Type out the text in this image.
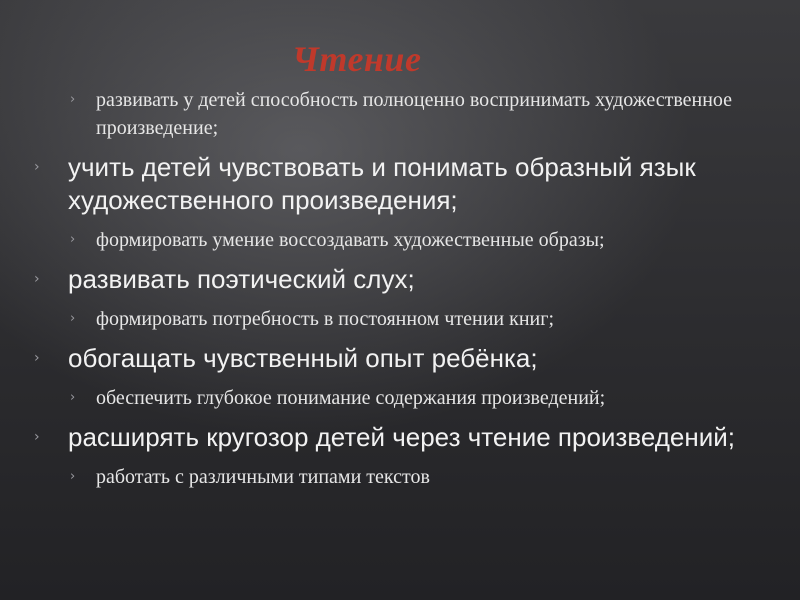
Чтение
› развивать у детей способность полноценно воспринимать художественное произведение;
› учить детей чувствовать и понимать образный язык художественного произведения;
› формировать умение воссоздавать художественные образы;
› развивать поэтический слух;
› формировать потребность в постоянном чтении книг;
› обогащать чувственный опыт ребёнка;
› обеспечить глубокое понимание содержания произведений;
› расширять кругозор детей через чтение произведений;
› работать с различными типами текстов
